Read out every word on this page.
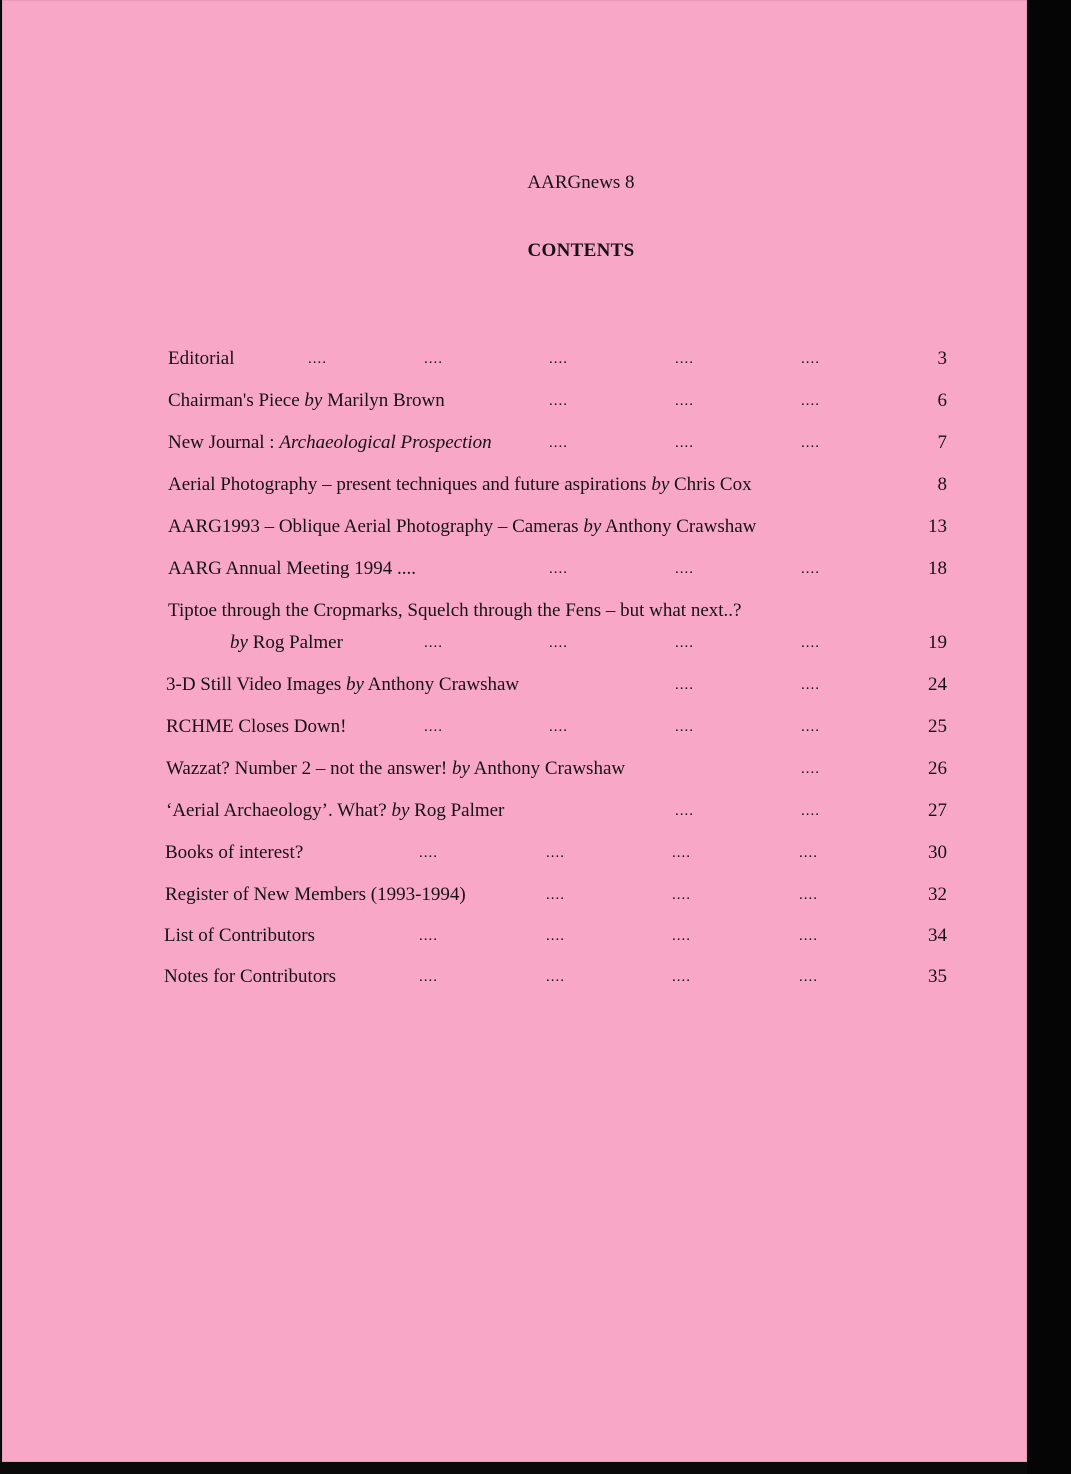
AARGnews 8
CONTENTS
Editorial	....	....	....	....	....	3
Chairman's Piece by Marilyn Brown	....	....	....	6
New Journal : Archaeological Prospection	....	....	....	7
Aerial Photography – present techniques and future aspirations by Chris Cox	8
AARG1993 – Oblique Aerial Photography – Cameras by Anthony Crawshaw	13
AARG Annual Meeting 1994 ....	....	....	....	18
Tiptoe through the Cropmarks, Squelch through the Fens – but what next..?
by Rog Palmer	....	....	....	....	19
3-D Still Video Images by Anthony Crawshaw	....	....	24
RCHME Closes Down!	....	....	....	....	25
Wazzat? Number 2 – not the answer! by Anthony Crawshaw	....	26
‘Aerial Archaeology’. What? by Rog Palmer	....	....	27
Books of interest?	....	....	....	....	30
Register of New Members (1993-1994)	....	....	....	32
List of Contributors	....	....	....	....	34
Notes for Contributors	....	....	....	....	35
